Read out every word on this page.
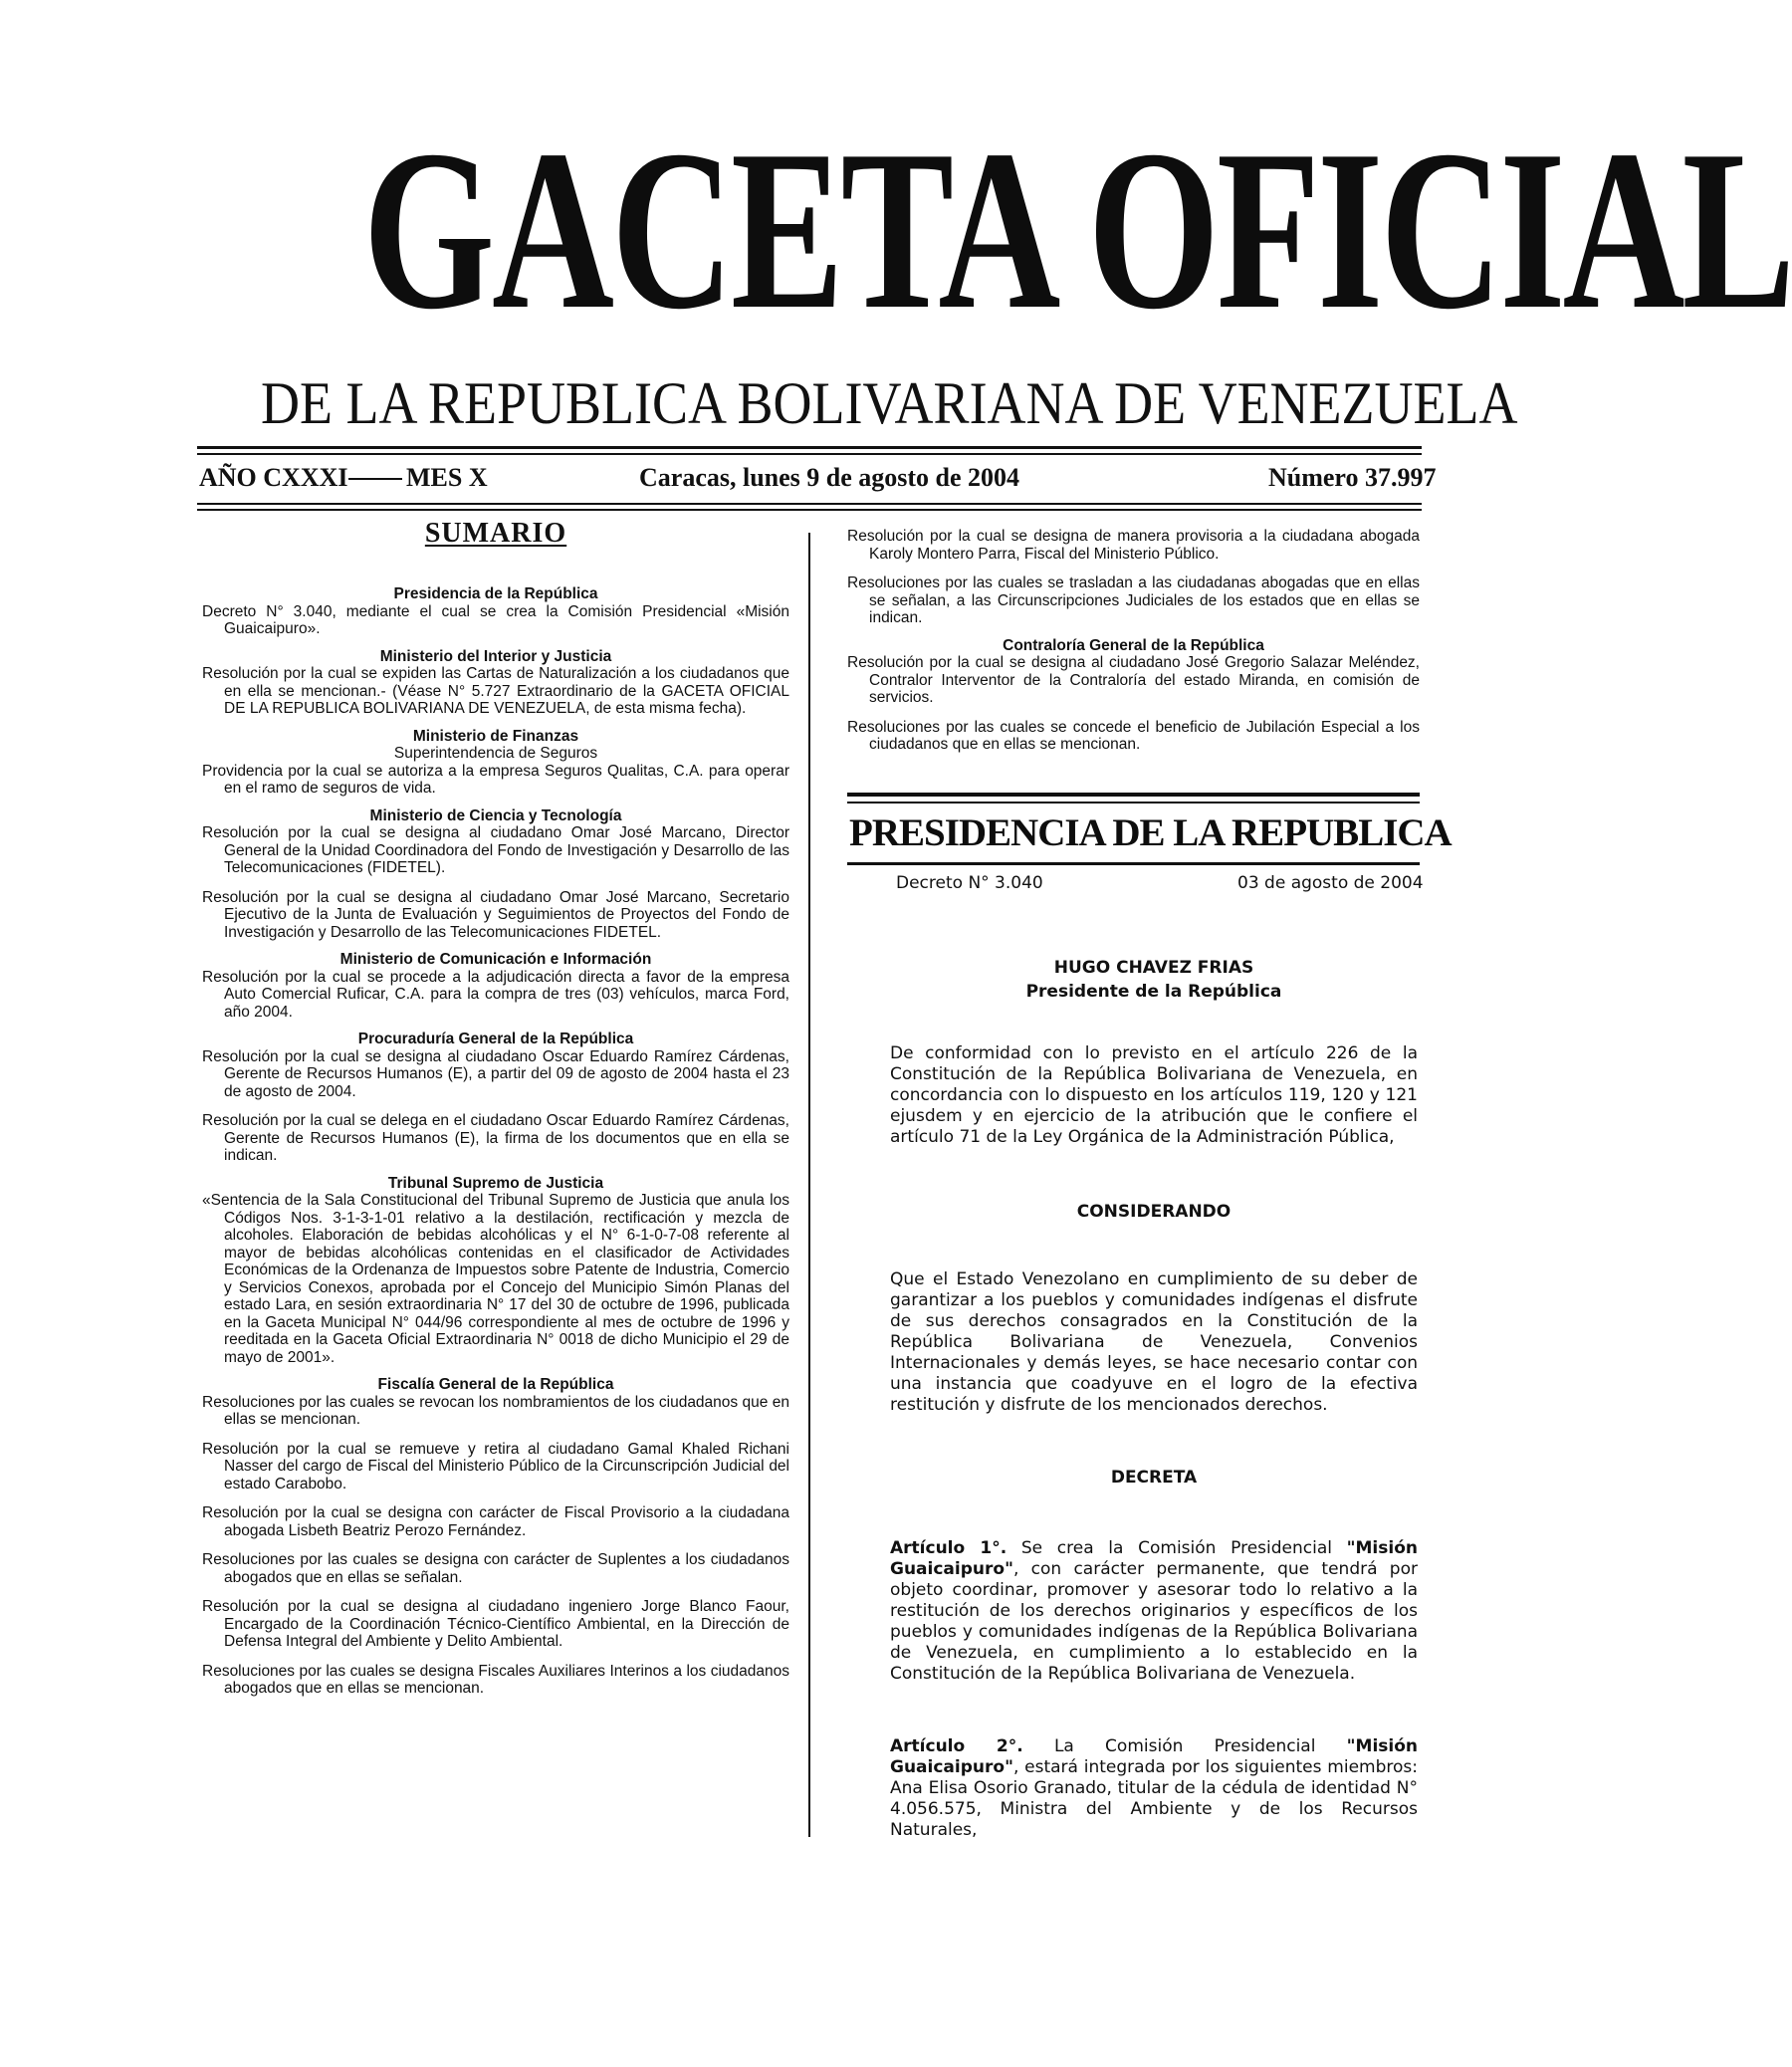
GACETA OFICIAL
DE LA REPUBLICA BOLIVARIANA DE VENEZUELA
AÑO CXXXI MES X	Caracas, lunes 9 de agosto de 2004	Número 37.997
SUMARIO
Presidencia de la República
Decreto N° 3.040, mediante el cual se crea la Comisión Presidencial «Misión Guaicaipuro».
Ministerio del Interior y Justicia
Resolución por la cual se expiden las Cartas de Naturalización a los ciudadanos que en ella se mencionan.- (Véase N° 5.727 Extraordinario de la GACETA OFICIAL DE LA REPUBLICA BOLIVARIANA DE VENEZUELA, de esta misma fecha).
Ministerio de Finanzas
Superintendencia de Seguros
Providencia por la cual se autoriza a la empresa Seguros Qualitas, C.A. para operar en el ramo de seguros de vida.
Ministerio de Ciencia y Tecnología
Resolución por la cual se designa al ciudadano Omar José Marcano, Director General de la Unidad Coordinadora del Fondo de Investigación y Desarrollo de las Telecomunicaciones (FIDETEL).
Resolución por la cual se designa al ciudadano Omar José Marcano, Secretario Ejecutivo de la Junta de Evaluación y Seguimientos de Proyectos del Fondo de Investigación y Desarrollo de las Telecomunicaciones FIDETEL.
Ministerio de Comunicación e Información
Resolución por la cual se procede a la adjudicación directa a favor de la empresa Auto Comercial Ruficar, C.A. para la compra de tres (03) vehículos, marca Ford, año 2004.
Procuraduría General de la República
Resolución por la cual se designa al ciudadano Oscar Eduardo Ramírez Cárdenas, Gerente de Recursos Humanos (E), a partir del 09 de agosto de 2004 hasta el 23 de agosto de 2004.
Resolución por la cual se delega en el ciudadano Oscar Eduardo Ramírez Cárdenas, Gerente de Recursos Humanos (E), la firma de los documentos que en ella se indican.
Tribunal Supremo de Justicia
«Sentencia de la Sala Constitucional del Tribunal Supremo de Justicia que anula los Códigos Nos. 3-1-3-1-01 relativo a la destilación, rectificación y mezcla de alcoholes. Elaboración de bebidas alcohólicas y el N° 6-1-0-7-08 referente al mayor de bebidas alcohólicas contenidas en el clasificador de Actividades Económicas de la Ordenanza de Impuestos sobre Patente de Industria, Comercio y Servicios Conexos, aprobada por el Concejo del Municipio Simón Planas del estado Lara, en sesión extraordinaria N° 17 del 30 de octubre de 1996, publicada en la Gaceta Municipal N° 044/96 correspondiente al mes de octubre de 1996 y reeditada en la Gaceta Oficial Extraordinaria N° 0018 de dicho Municipio el 29 de mayo de 2001».
Fiscalía General de la República
Resoluciones por las cuales se revocan los nombramientos de los ciudadanos que en ellas se mencionan.
Resolución por la cual se remueve y retira al ciudadano Gamal Khaled Richani Nasser del cargo de Fiscal del Ministerio Público de la Circunscripción Judicial del estado Carabobo.
Resolución por la cual se designa con carácter de Fiscal Provisorio a la ciudadana abogada Lisbeth Beatriz Perozo Fernández.
Resoluciones por las cuales se designa con carácter de Suplentes a los ciudadanos abogados que en ellas se señalan.
Resolución por la cual se designa al ciudadano ingeniero Jorge Blanco Faour, Encargado de la Coordinación Técnico-Científico Ambiental, en la Dirección de Defensa Integral del Ambiente y Delito Ambiental.
Resoluciones por las cuales se designa Fiscales Auxiliares Interinos a los ciudadanos abogados que en ellas se mencionan.
Resolución por la cual se designa de manera provisoria a la ciudadana abogada Karoly Montero Parra, Fiscal del Ministerio Público.
Resoluciones por las cuales se trasladan a las ciudadanas abogadas que en ellas se señalan, a las Circunscripciones Judiciales de los estados que en ellas se indican.
Contraloría General de la República
Resolución por la cual se designa al ciudadano José Gregorio Salazar Meléndez, Contralor Interventor de la Contraloría del estado Miranda, en comisión de servicios.
Resoluciones por las cuales se concede el beneficio de Jubilación Especial a los ciudadanos que en ellas se mencionan.
PRESIDENCIA DE LA REPUBLICA
Decreto N° 3.040	03 de agosto de 2004
HUGO CHAVEZ FRIAS
Presidente de la República
De conformidad con lo previsto en el artículo 226 de la Constitución de la República Bolivariana de Venezuela, en concordancia con lo dispuesto en los artículos 119, 120 y 121 ejusdem y en ejercicio de la atribución que le confiere el artículo 71 de la Ley Orgánica de la Administración Pública,
CONSIDERANDO
Que el Estado Venezolano en cumplimiento de su deber de garantizar a los pueblos y comunidades indígenas el disfrute de sus derechos consagrados en la Constitución de la República Bolivariana de Venezuela, Convenios Internacionales y demás leyes, se hace necesario contar con una instancia que coadyuve en el logro de la efectiva restitución y disfrute de los mencionados derechos.
DECRETA
Artículo 1°. Se crea la Comisión Presidencial "Misión Guaicaipuro", con carácter permanente, que tendrá por objeto coordinar, promover y asesorar todo lo relativo a la restitución de los derechos originarios y específicos de los pueblos y comunidades indígenas de la República Bolivariana de Venezuela, en cumplimiento a lo establecido en la Constitución de la República Bolivariana de Venezuela.
Artículo 2°. La Comisión Presidencial "Misión Guaicaipuro", estará integrada por los siguientes miembros: Ana Elisa Osorio Granado, titular de la cédula de identidad N° 4.056.575, Ministra del Ambiente y de los Recursos Naturales,
